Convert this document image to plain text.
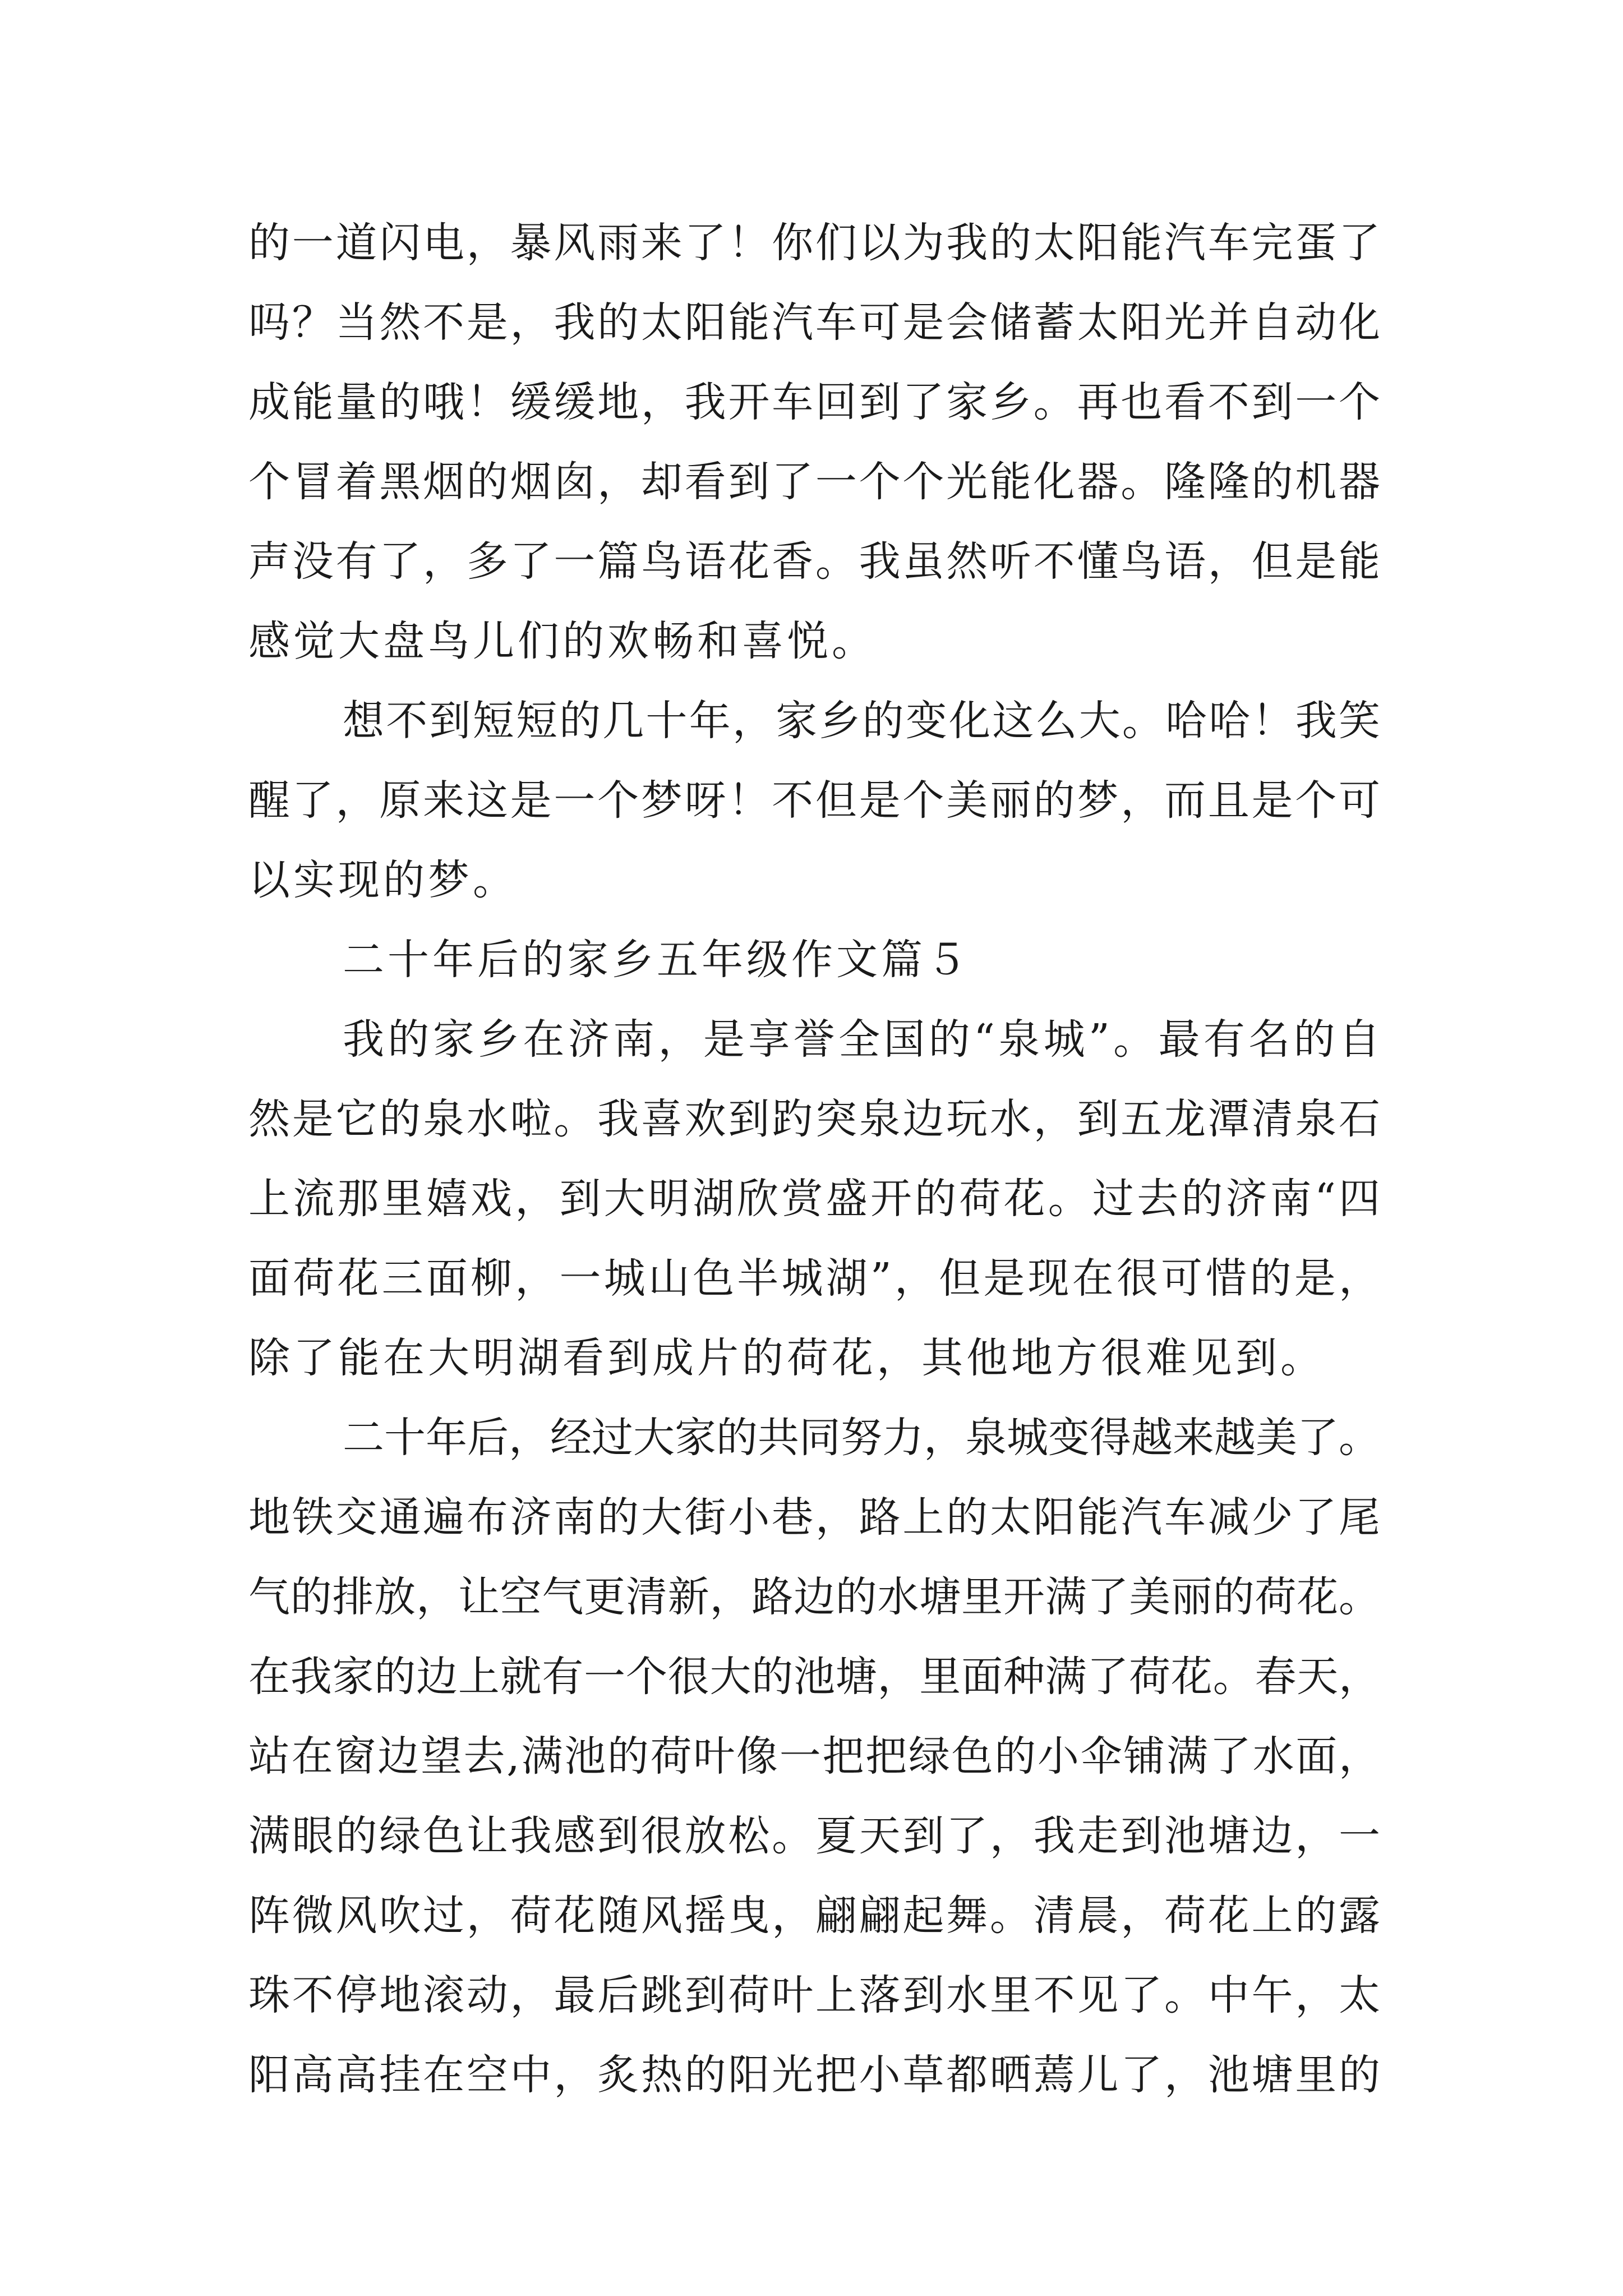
的一道闪电，暴风雨来了！你们以为我的太阳能汽车完蛋了
吗？当然不是，我的太阳能汽车可是会储蓄太阳光并自动化
成能量的哦！缓缓地，我开车回到了家乡。再也看不到一个
个冒着黑烟的烟囱，却看到了一个个光能化器。隆隆的机器
声没有了，多了一篇鸟语花香。我虽然听不懂鸟语，但是能
感觉大盘鸟儿们的欢畅和喜悦。
想不到短短的几十年，家乡的变化这么大。哈哈！我笑
醒了，原来这是一个梦呀！不但是个美丽的梦，而且是个可
以实现的梦。
二十年后的家乡五年级作文篇５
我的家乡在济南，是享誉全国的“泉城”。最有名的自
然是它的泉水啦。我喜欢到趵突泉边玩水，到五龙潭清泉石
上流那里嬉戏，到大明湖欣赏盛开的荷花。过去的济南“四
面荷花三面柳，一城山色半城湖”，但是现在很可惜的是，
除了能在大明湖看到成片的荷花，其他地方很难见到。
二十年后，经过大家的共同努力，泉城变得越来越美了。
地铁交通遍布济南的大街小巷，路上的太阳能汽车减少了尾
气的排放，让空气更清新，路边的水塘里开满了美丽的荷花。
在我家的边上就有一个很大的池塘，里面种满了荷花。春天，
站在窗边望去,满池的荷叶像一把把绿色的小伞铺满了水面，
满眼的绿色让我感到很放松。夏天到了，我走到池塘边，一
阵微风吹过，荷花随风摇曳，翩翩起舞。清晨，荷花上的露
珠不停地滚动，最后跳到荷叶上落到水里不见了。中午，太
阳高高挂在空中，炙热的阳光把小草都晒蔫儿了，池塘里的
